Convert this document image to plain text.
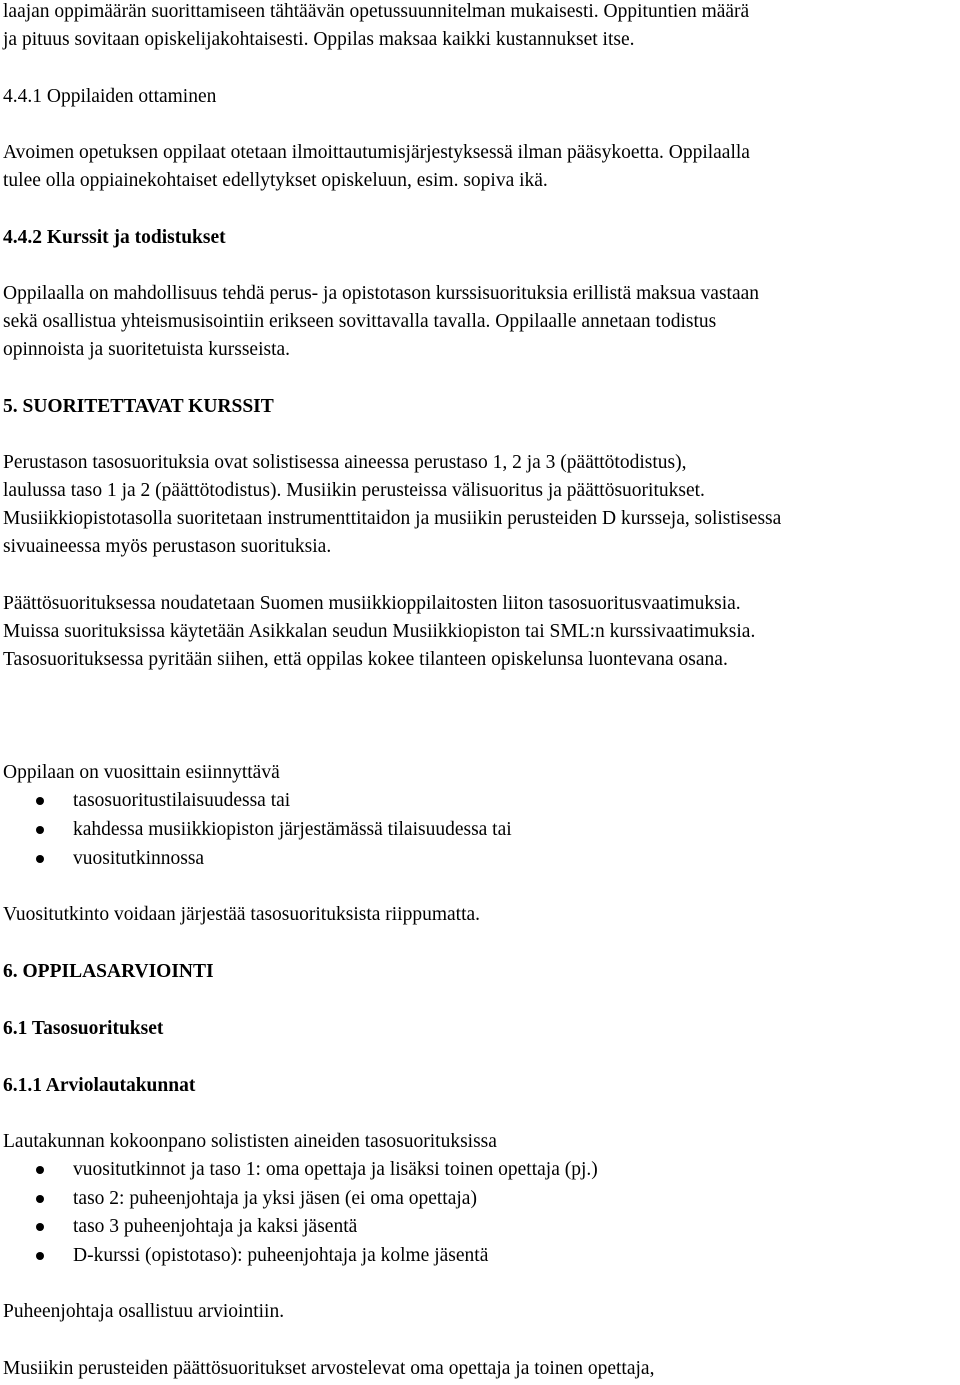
laajan oppimäärän suorittamiseen tähtäävän opetussuunnitelman mukaisesti. Oppituntien määrä
ja pituus sovitaan opiskelijakohtaisesti. Oppilas maksaa kaikki kustannukset itse.
4.4.1 Oppilaiden ottaminen
Avoimen opetuksen oppilaat otetaan ilmoittautumisjärjestyksessä ilman pääsykoetta. Oppilaalla
tulee olla oppiainekohtaiset edellytykset opiskeluun, esim. sopiva ikä.
4.4.2 Kurssit ja todistukset
Oppilaalla on mahdollisuus tehdä perus- ja opistotason kurssisuorituksia erillistä maksua vastaan
sekä osallistua yhteismusisointiin erikseen sovittavalla tavalla. Oppilaalle annetaan todistus
opinnoista ja suoritetuista kursseista.
5. SUORITETTAVAT KURSSIT
Perustason tasosuorituksia ovat solistisessa aineessa perustaso 1, 2 ja 3 (päättötodistus),
laulussa taso 1 ja 2 (päättötodistus). Musiikin perusteissa välisuoritus ja päättösuoritukset.
Musiikkiopistotasolla suoritetaan instrumenttitaidon ja musiikin perusteiden D kursseja, solistisessa
sivuaineessa myös perustason suorituksia.
Päättösuorituksessa noudatetaan Suomen musiikkioppilaitosten liiton tasosuoritusvaatimuksia.
Muissa suorituksissa käytetään Asikkalan seudun Musiikkiopiston tai SML:n kurssivaatimuksia.
Tasosuorituksessa pyritään siihen, että oppilas kokee tilanteen opiskelunsa luontevana osana.
Oppilaan on vuosittain esiinnyttävä
tasosuoritustilaisuudessa tai
kahdessa musiikkiopiston järjestämässä tilaisuudessa tai
vuositutkinnossa
Vuositutkinto voidaan järjestää tasosuorituksista riippumatta.
6. OPPILASARVIOINTI
6.1 Tasosuoritukset
6.1.1 Arviolautakunnat
Lautakunnan kokoonpano solististen aineiden tasosuorituksissa
vuositutkinnot ja taso 1: oma opettaja ja lisäksi toinen opettaja (pj.)
taso 2: puheenjohtaja ja yksi jäsen (ei oma opettaja)
taso 3 puheenjohtaja ja kaksi jäsentä
D-kurssi (opistotaso): puheenjohtaja ja kolme jäsentä
Puheenjohtaja osallistuu arviointiin.
Musiikin perusteiden päättösuoritukset arvostelevat oma opettaja ja toinen opettaja,
